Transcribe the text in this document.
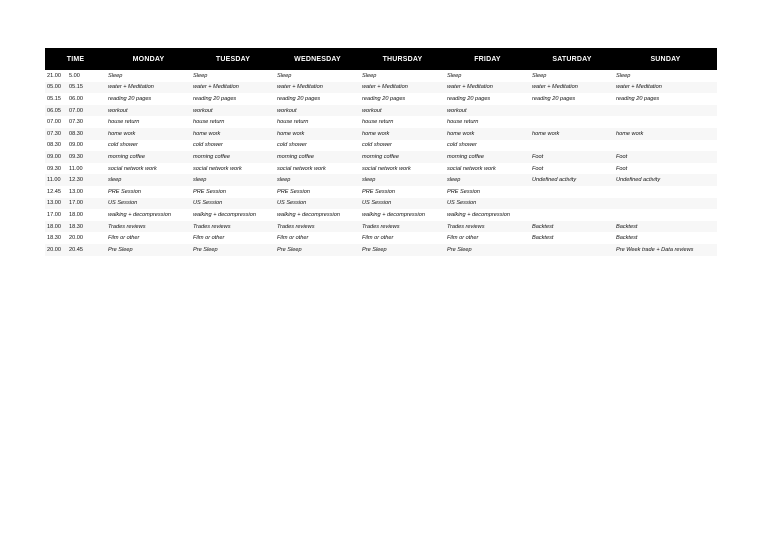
TIME	MONDAY	TUESDAY	WEDNESDAY	THURSDAY	FRIDAY	SATURDAY	SUNDAY
21.00 5.00	Sleep	Sleep	Sleep	Sleep	Sleep	Sleep	Sleep
05.00 05.15	water + Meditation	water + Meditation	water + Meditation	water + Meditation	water + Meditation	water + Meditation	water + Meditation
05.15 06.00	reading 20 pages	reading 20 pages	reading 20 pages	reading 20 pages	reading 20 pages	reading 20 pages	reading 20 pages
06.05 07.00	workout	workout	workout	workout	workout		
07.00 07.30	house return	house return	house return	house return	house return		
07.30 08.30	home work	home work	home work	home work	home work	home work	home work
08.30 09.00	cold shower	cold shower	cold shower	cold shower	cold shower		
09.00 09.30	morning coffee	morning coffee	morning coffee	morning coffee	morning coffee	Foot	Foot
09.30 11.00	social network work	social network work	social network work	social network work	social network work	Foot	Foot
11.00 12.30	sleep	sleep	sleep	sleep	sleep	Undefined activity	Undefined activity
12.45 13.00	PRE Session	PRE Session	PRE Session	PRE Session	PRE Session		
13.00 17.00	US Session	US Session	US Session	US Session	US Session		
17.00 18.00	walking + decompression	walking + decompression	walking + decompression	walking + decompression	walking + decompression		
18.00 18.30	Trades reviews	Trades reviews	Trades reviews	Trades reviews	Trades reviews	Backtest	Backtest
18.30 20.00	Film or other	Film or other	Film or other	Film or other	Film or other	Backtest	Backtest
20.00 20.45	Pre Sleep	Pre Sleep	Pre Sleep	Pre Sleep	Pre Sleep		Pre Week trade + Data reviews
